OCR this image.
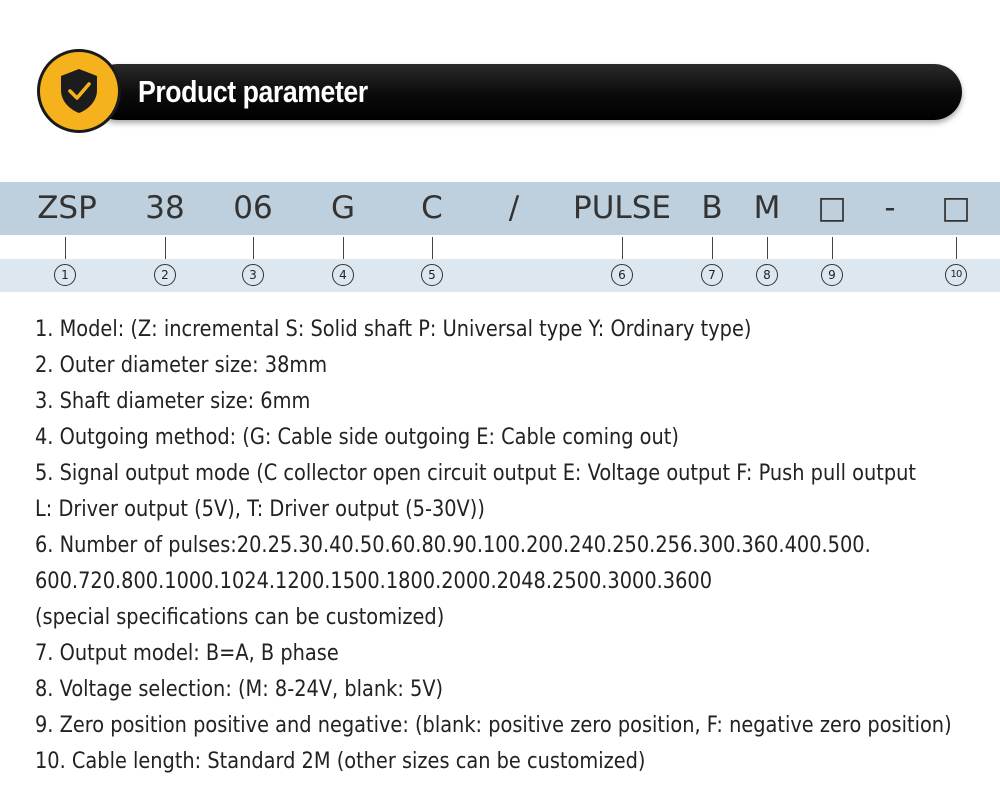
Product parameter
ZSP 38 06 G C / PULSE B M □ - □
1	2	3	4	5	6	7	8	9	10
1. Model: (Z: incremental S: Solid shaft P: Universal type Y: Ordinary type)
2. Outer diameter size: 38mm
3. Shaft diameter size: 6mm
4. Outgoing method: (G: Cable side outgoing E: Cable coming out)
5. Signal output mode (C collector open circuit output E: Voltage output F: Push pull output
L: Driver output (5V), T: Driver output (5-30V))
6. Number of pulses:20.25.30.40.50.60.80.90.100.200.240.250.256.300.360.400.500.
600.720.800.1000.1024.1200.1500.1800.2000.2048.2500.3000.3600
(special specifications can be customized)
7. Output model: B=A, B phase
8. Voltage selection: (M: 8-24V, blank: 5V)
9. Zero position positive and negative: (blank: positive zero position, F: negative zero position)
10. Cable length: Standard 2M (other sizes can be customized)
